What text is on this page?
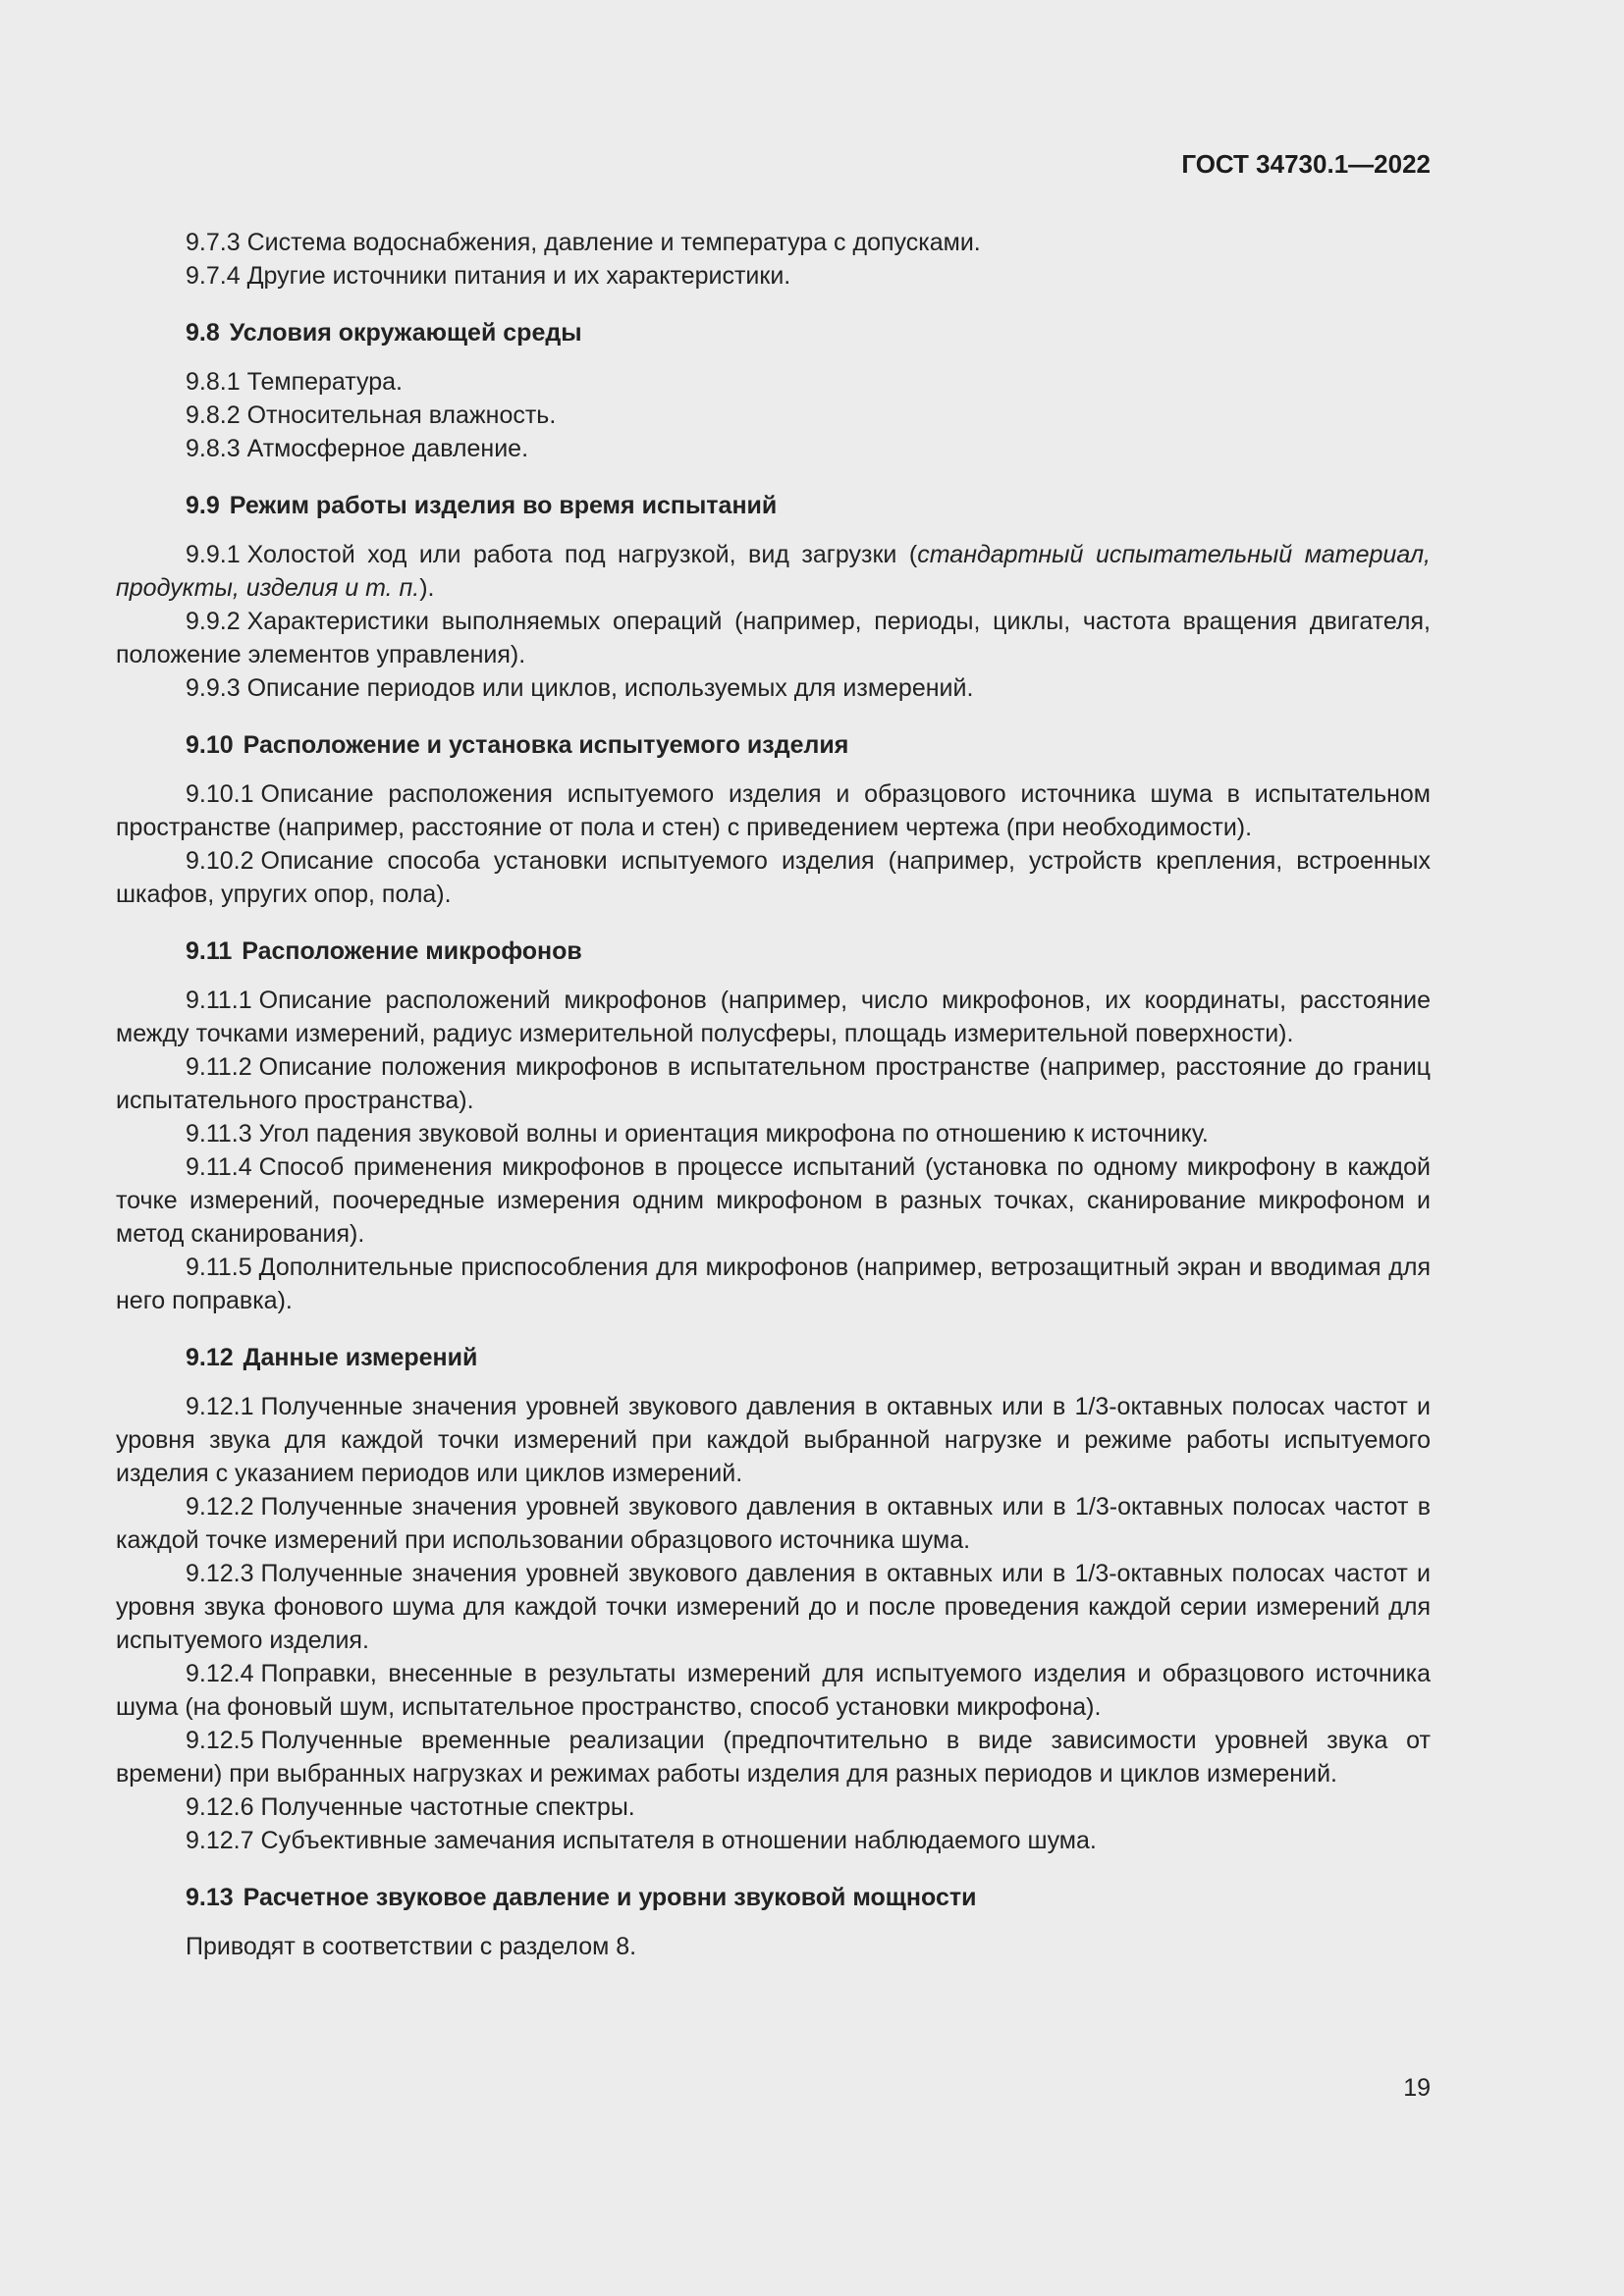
ГОСТ 34730.1—2022

9.7.3 Система водоснабжения, давление и температура с допусками.

9.7.4 Другие источники питания и их характеристики.

9.8 Условия окружающей среды

9.8.1 Температура.

9.8.2 Относительная влажность.

9.8.3 Атмосферное давление.

9.9 Режим работы изделия во время испытаний

9.9.1 Холостой ход или работа под нагрузкой, вид загрузки (стандартный испытательный материал, продукты, изделия и т. п.).

9.9.2 Характеристики выполняемых операций (например, периоды, циклы, частота вращения двигателя, положение элементов управления).

9.9.3 Описание периодов или циклов, используемых для измерений.

9.10 Расположение и установка испытуемого изделия

9.10.1 Описание расположения испытуемого изделия и образцового источника шума в испытательном пространстве (например, расстояние от пола и стен) с приведением чертежа (при необходимости).

9.10.2 Описание способа установки испытуемого изделия (например, устройств крепления, встроенных шкафов, упругих опор, пола).

9.11 Расположение микрофонов

9.11.1 Описание расположений микрофонов (например, число микрофонов, их координаты, расстояние между точками измерений, радиус измерительной полусферы, площадь измерительной поверхности).

9.11.2 Описание положения микрофонов в испытательном пространстве (например, расстояние до границ испытательного пространства).

9.11.3 Угол падения звуковой волны и ориентация микрофона по отношению к источнику.

9.11.4 Способ применения микрофонов в процессе испытаний (установка по одному микрофону в каждой точке измерений, поочередные измерения одним микрофоном в разных точках, сканирование микрофоном и метод сканирования).

9.11.5 Дополнительные приспособления для микрофонов (например, ветрозащитный экран и вводимая для него поправка).

9.12 Данные измерений

9.12.1 Полученные значения уровней звукового давления в октавных или в 1/3-октавных полосах частот и уровня звука для каждой точки измерений при каждой выбранной нагрузке и режиме работы испытуемого изделия с указанием периодов или циклов измерений.

9.12.2 Полученные значения уровней звукового давления в октавных или в 1/3-октавных полосах частот в каждой точке измерений при использовании образцового источника шума.

9.12.3 Полученные значения уровней звукового давления в октавных или в 1/3-октавных полосах частот и уровня звука фонового шума для каждой точки измерений до и после проведения каждой серии измерений для испытуемого изделия.

9.12.4 Поправки, внесенные в результаты измерений для испытуемого изделия и образцового источника шума (на фоновый шум, испытательное пространство, способ установки микрофона).

9.12.5 Полученные временные реализации (предпочтительно в виде зависимости уровней звука от времени) при выбранных нагрузках и режимах работы изделия для разных периодов и циклов измерений.

9.12.6 Полученные частотные спектры.

9.12.7 Субъективные замечания испытателя в отношении наблюдаемого шума.

9.13 Расчетное звуковое давление и уровни звуковой мощности

Приводят в соответствии с разделом 8.

19
